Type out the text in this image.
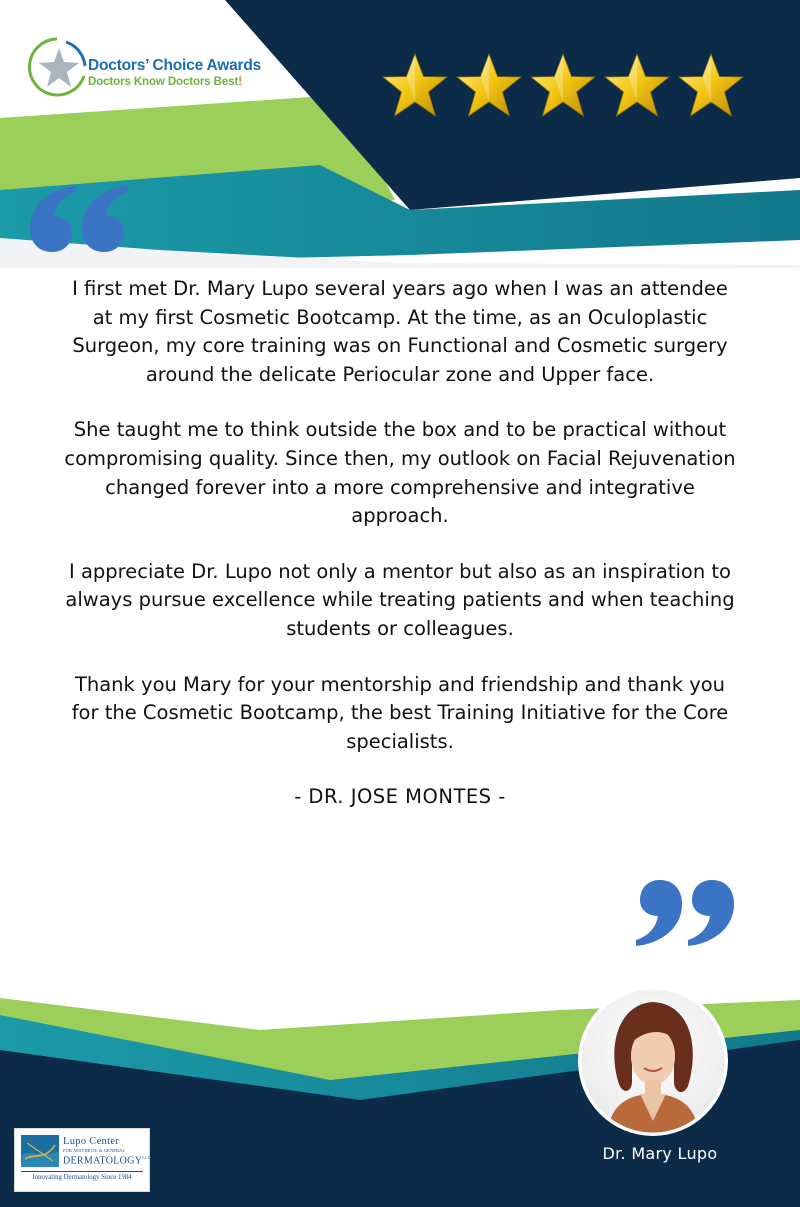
Doctors’ Choice Awards
Doctors Know Doctors Best!

I first met Dr. Mary Lupo several years ago when I was an attendee at my first Cosmetic Bootcamp. At the time, as an Oculoplastic Surgeon, my core training was on Functional and Cosmetic surgery around the delicate Periocular zone and Upper face.

She taught me to think outside the box and to be practical without compromising quality. Since then, my outlook on Facial Rejuvenation changed forever into a more comprehensive and integrative approach.

I appreciate Dr. Lupo not only a mentor but also as an inspiration to always pursue excellence while treating patients and when teaching students or colleagues.

Thank you Mary for your mentorship and friendship and thank you for the Cosmetic Bootcamp, the best Training Initiative for the Core specialists.

- DR. JOSE MONTES -

Dr. Mary Lupo
Lupo Center
FOR AESTHETIC & GENERAL
$DERMATOLOGY^{LLC}$
Innovating Dermatology Since 1984
